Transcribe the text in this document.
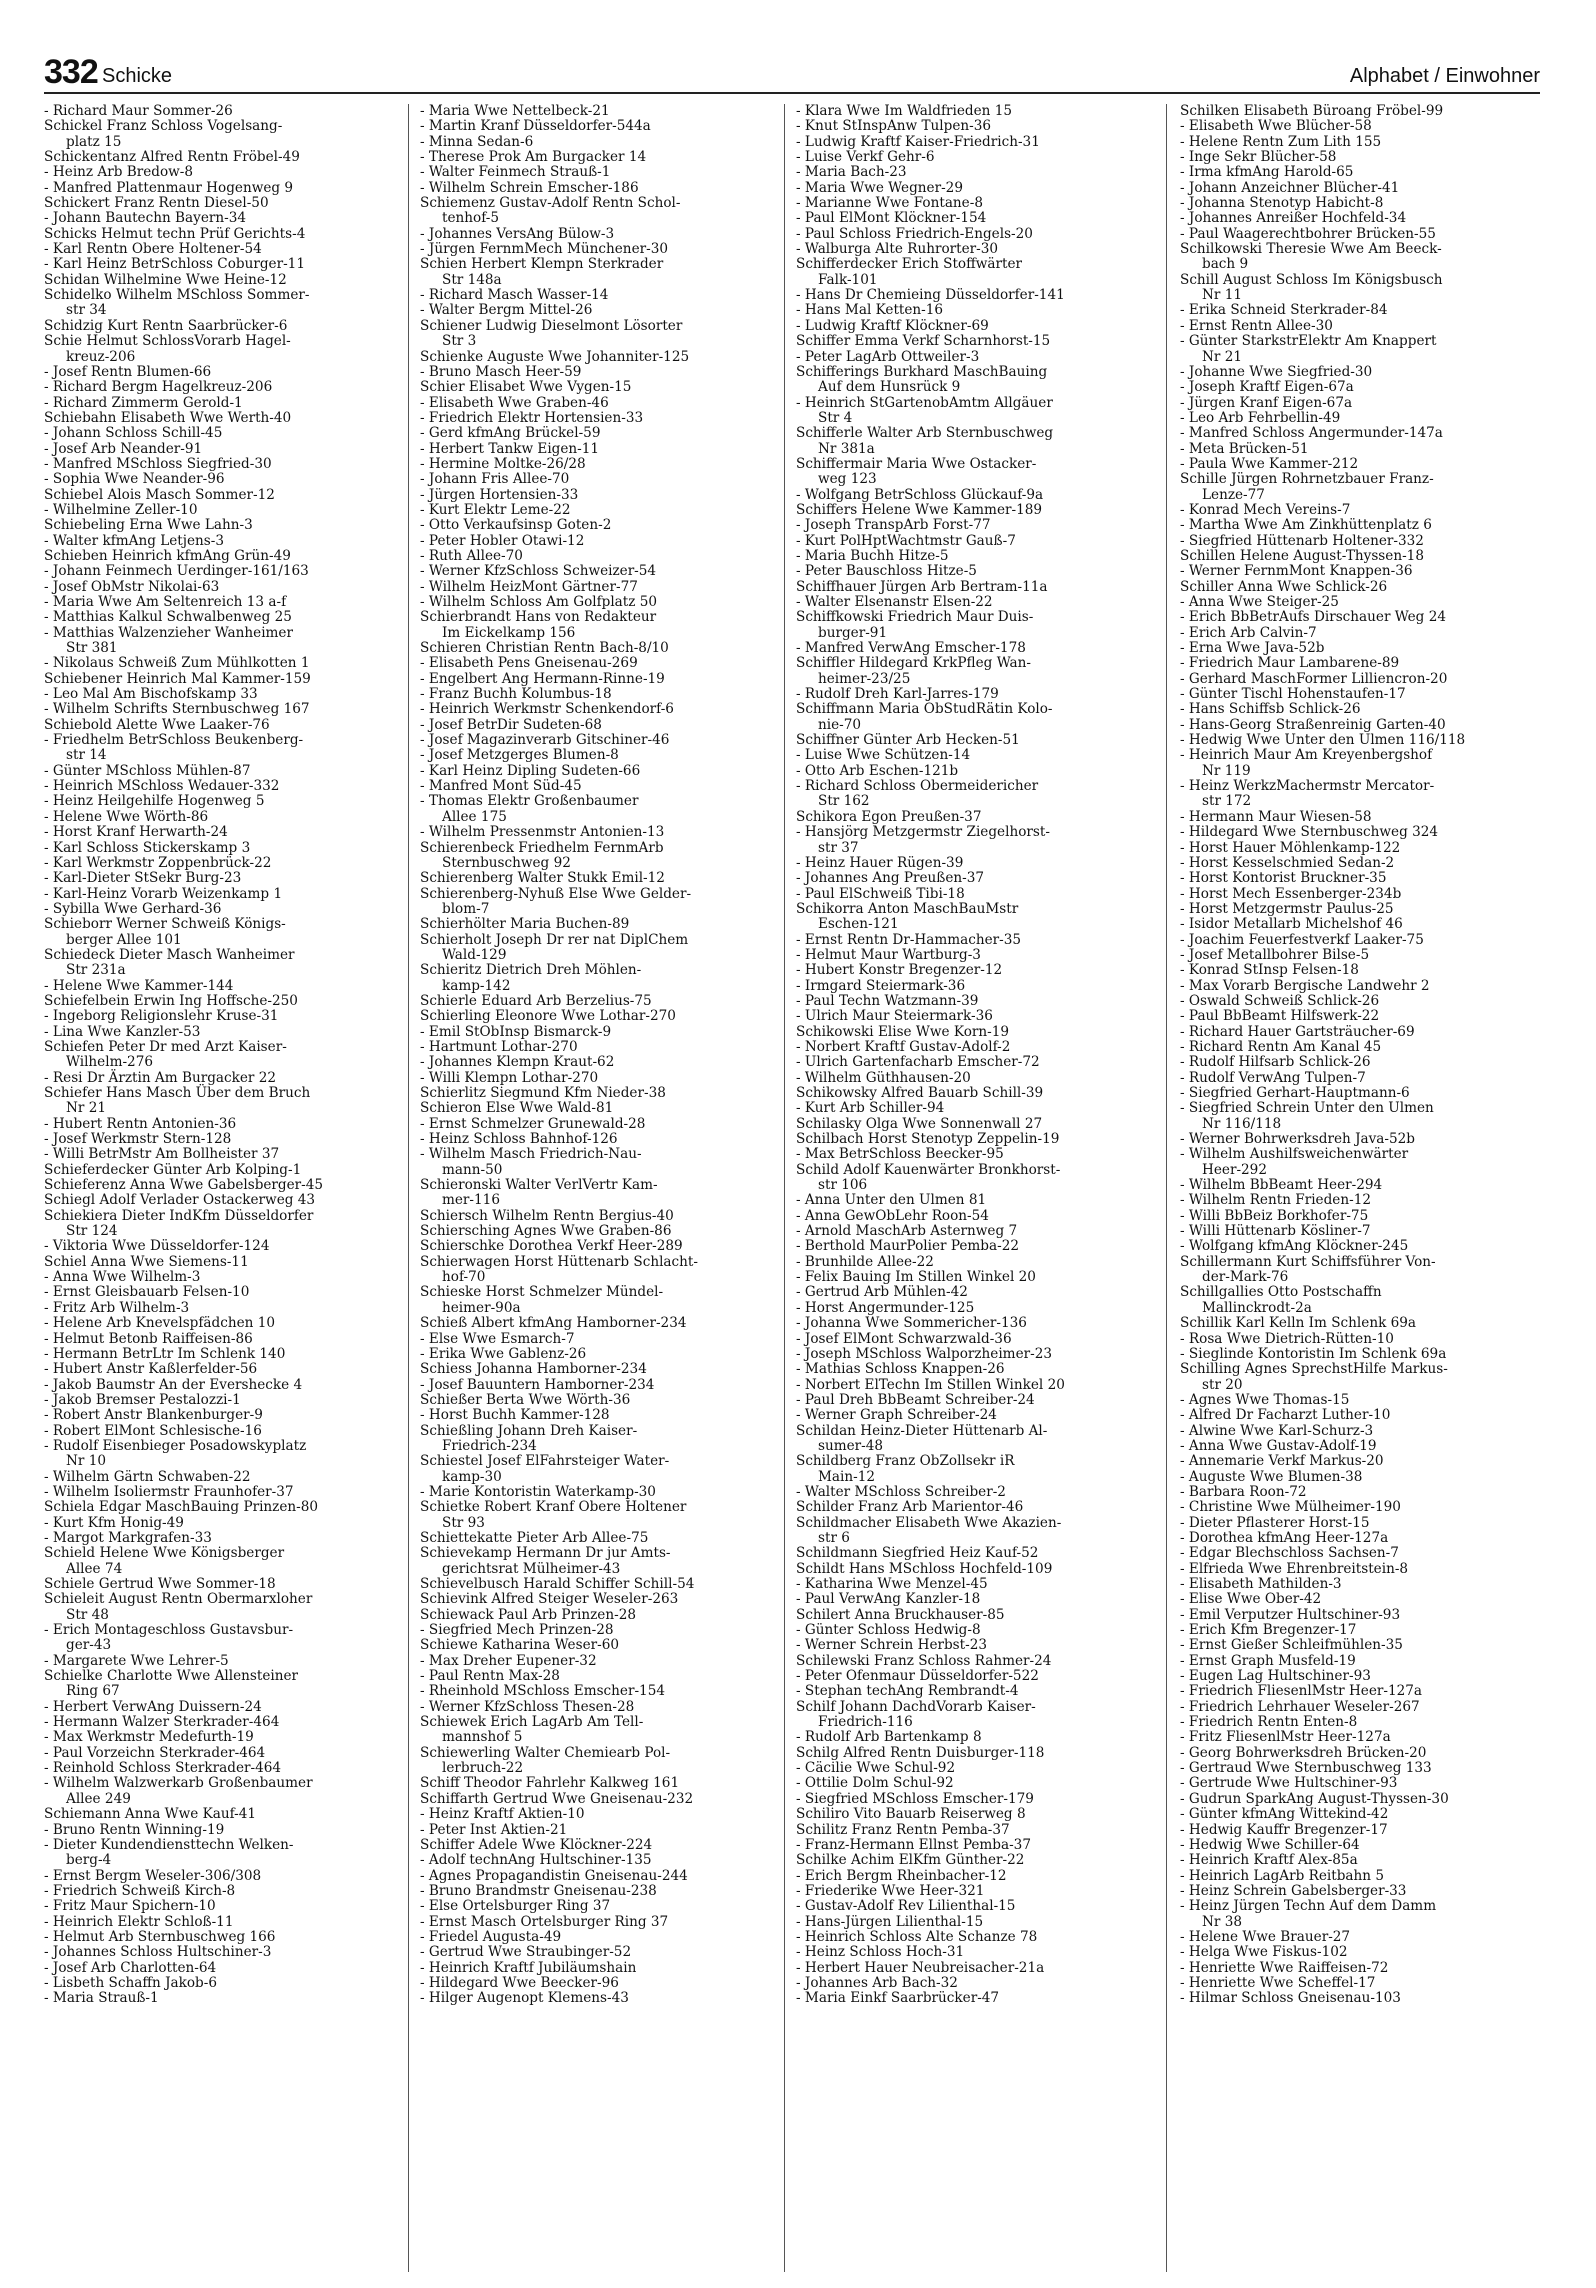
332 Schicke	Alphabet / Einwohner
- Richard Maur Sommer-26
Schickel Franz Schloss Vogelsang-
platz 15
Schickentanz Alfred Rentn Fröbel-49
- Heinz Arb Bredow-8
- Manfred Plattenmaur Hogenweg 9
Schickert Franz Rentn Diesel-50
- Johann Bautechn Bayern-34
Schicks Helmut techn Prüf Gerichts-4
- Karl Rentn Obere Holtener-54
- Karl Heinz BetrSchloss Coburger-11
Schidan Wilhelmine Wwe Heine-12
Schidelko Wilhelm MSchloss Sommer-
str 34
Schidzig Kurt Rentn Saarbrücker-6
Schie Helmut SchlossVorarb Hagel-
kreuz-206
- Josef Rentn Blumen-66
- Richard Bergm Hagelkreuz-206
- Richard Zimmerm Gerold-1
Schiebahn Elisabeth Wwe Werth-40
- Johann Schloss Schill-45
- Josef Arb Neander-91
- Manfred MSchloss Siegfried-30
- Sophia Wwe Neander-96
Schiebel Alois Masch Sommer-12
- Wilhelmine Zeller-10
Schiebeling Erna Wwe Lahn-3
- Walter kfmAng Letjens-3
Schieben Heinrich kfmAng Grün-49
- Johann Feinmech Uerdinger-161/163
- Josef ObMstr Nikolai-63
- Maria Wwe Am Seltenreich 13 a-f
- Matthias Kalkul Schwalbenweg 25
- Matthias Walzenzieher Wanheimer
Str 381
- Nikolaus Schweiß Zum Mühlkotten 1
Schiebener Heinrich Mal Kammer-159
- Leo Mal Am Bischofskamp 33
- Wilhelm Schrifts Sternbuschweg 167
Schiebold Alette Wwe Laaker-76
- Friedhelm BetrSchloss Beukenberg-
str 14
- Günter MSchloss Mühlen-87
- Heinrich MSchloss Wedauer-332
- Heinz Heilgehilfe Hogenweg 5
- Helene Wwe Wörth-86
- Horst Kranf Herwarth-24
- Karl Schloss Stickerskamp 3
- Karl Werkmstr Zoppenbrück-22
- Karl-Dieter StSekr Burg-23
- Karl-Heinz Vorarb Weizenkamp 1
- Sybilla Wwe Gerhard-36
Schieborr Werner Schweiß Königs-
berger Allee 101
Schiedeck Dieter Masch Wanheimer
Str 231a
- Helene Wwe Kammer-144
Schiefelbein Erwin Ing Hoffsche-250
- Ingeborg Religionslehr Kruse-31
- Lina Wwe Kanzler-53
Schiefen Peter Dr med Arzt Kaiser-
Wilhelm-276
- Resi Dr Ärztin Am Burgacker 22
Schiefer Hans Masch Über dem Bruch
Nr 21
- Hubert Rentn Antonien-36
- Josef Werkmstr Stern-128
- Willi BetrMstr Am Bollheister 37
Schieferdecker Günter Arb Kolping-1
Schieferenz Anna Wwe Gabelsberger-45
Schiegl Adolf Verlader Ostackerweg 43
Schiekiera Dieter IndKfm Düsseldorfer
Str 124
- Viktoria Wwe Düsseldorfer-124
Schiel Anna Wwe Siemens-11
- Anna Wwe Wilhelm-3
- Ernst Gleisbauarb Felsen-10
- Fritz Arb Wilhelm-3
- Helene Arb Knevelspfädchen 10
- Helmut Betonb Raiffeisen-86
- Hermann BetrLtr Im Schlenk 140
- Hubert Anstr Kaßlerfelder-56
- Jakob Baumstr An der Evershecke 4
- Jakob Bremser Pestalozzi-1
- Robert Anstr Blankenburger-9
- Robert ElMont Schlesische-16
- Rudolf Eisenbieger Posadowskyplatz
Nr 10
- Wilhelm Gärtn Schwaben-22
- Wilhelm Isoliermstr Fraunhofer-37
Schiela Edgar MaschBauing Prinzen-80
- Kurt Kfm Honig-49
- Margot Markgrafen-33
Schield Helene Wwe Königsberger
Allee 74
Schiele Gertrud Wwe Sommer-18
Schieleit August Rentn Obermarxloher
Str 48
- Erich Montageschloss Gustavsbur-
ger-43
- Margarete Wwe Lehrer-5
Schielke Charlotte Wwe Allensteiner
Ring 67
- Herbert VerwAng Duissern-24
- Hermann Walzer Sterkrader-464
- Max Werkmstr Medefurth-19
- Paul Vorzeichn Sterkrader-464
- Reinhold Schloss Sterkrader-464
- Wilhelm Walzwerkarb Großenbaumer
Allee 249
Schiemann Anna Wwe Kauf-41
- Bruno Rentn Winning-19
- Dieter Kundendiensttechn Welken-
berg-4
- Ernst Bergm Weseler-306/308
- Friedrich Schweiß Kirch-8
- Fritz Maur Spichern-10
- Heinrich Elektr Schloß-11
- Helmut Arb Sternbuschweg 166
- Johannes Schloss Hultschiner-3
- Josef Arb Charlotten-64
- Lisbeth Schaffn Jakob-6
- Maria Strauß-1
- Maria Wwe Nettelbeck-21
- Martin Kranf Düsseldorfer-544a
- Minna Sedan-6
- Therese Prok Am Burgacker 14
- Walter Feinmech Strauß-1
- Wilhelm Schrein Emscher-186
Schiemenz Gustav-Adolf Rentn Schol-
tenhof-5
- Johannes VersAng Bülow-3
- Jürgen FernmMech Münchener-30
Schien Herbert Klempn Sterkrader
Str 148a
- Richard Masch Wasser-14
- Walter Bergm Mittel-26
Schiener Ludwig Dieselmont Lösorter
Str 3
Schienke Auguste Wwe Johanniter-125
- Bruno Masch Heer-59
Schier Elisabet Wwe Vygen-15
- Elisabeth Wwe Graben-46
- Friedrich Elektr Hortensien-33
- Gerd kfmAng Brückel-59
- Herbert Tankw Eigen-11
- Hermine Moltke-26/28
- Johann Fris Allee-70
- Jürgen Hortensien-33
- Kurt Elektr Leme-22
- Otto Verkaufsinsp Goten-2
- Peter Hobler Otawi-12
- Ruth Allee-70
- Werner KfzSchloss Schweizer-54
- Wilhelm HeizMont Gärtner-77
- Wilhelm Schloss Am Golfplatz 50
Schierbrandt Hans von Redakteur
Im Eickelkamp 156
Schieren Christian Rentn Bach-8/10
- Elisabeth Pens Gneisenau-269
- Engelbert Ang Hermann-Rinne-19
- Franz Buchh Kolumbus-18
- Heinrich Werkmstr Schenkendorf-6
- Josef BetrDir Sudeten-68
- Josef Magazinverarb Gitschiner-46
- Josef Metzgerges Blumen-8
- Karl Heinz Dipling Sudeten-66
- Manfred Mont Süd-45
- Thomas Elektr Großenbaumer
Allee 175
- Wilhelm Pressenmstr Antonien-13
Schierenbeck Friedhelm FernmArb
Sternbuschweg 92
Schierenberg Walter Stukk Emil-12
Schierenberg-Nyhuß Else Wwe Gelder-
blom-7
Schierhölter Maria Buchen-89
Schierholt Joseph Dr rer nat DiplChem
Wald-129
Schieritz Dietrich Dreh Möhlen-
kamp-142
Schierle Eduard Arb Berzelius-75
Schierling Eleonore Wwe Lothar-270
- Emil StObInsp Bismarck-9
- Hartmunt Lothar-270
- Johannes Klempn Kraut-62
- Willi Klempn Lothar-270
Schierlitz Siegmund Kfm Nieder-38
Schieron Else Wwe Wald-81
- Ernst Schmelzer Grunewald-28
- Heinz Schloss Bahnhof-126
- Wilhelm Masch Friedrich-Nau-
mann-50
Schieronski Walter VerlVertr Kam-
mer-116
Schiersch Wilhelm Rentn Bergius-40
Schiersching Agnes Wwe Graben-86
Schierschke Dorothea Verkf Heer-289
Schierwagen Horst Hüttenarb Schlacht-
hof-70
Schieske Horst Schmelzer Mündel-
heimer-90a
Schieß Albert kfmAng Hamborner-234
- Else Wwe Esmarch-7
- Erika Wwe Gablenz-26
Schiess Johanna Hamborner-234
- Josef Bauuntern Hamborner-234
Schießer Berta Wwe Wörth-36
- Horst Buchh Kammer-128
Schießling Johann Dreh Kaiser-
Friedrich-234
Schiestel Josef ElFahrsteiger Water-
kamp-30
- Marie Kontoristin Waterkamp-30
Schietke Robert Kranf Obere Holtener
Str 93
Schiettekatte Pieter Arb Allee-75
Schievekamp Hermann Dr jur Amts-
gerichtsrat Mülheimer-43
Schievelbusch Harald Schiffer Schill-54
Schievink Alfred Steiger Weseler-263
Schiewack Paul Arb Prinzen-28
- Siegfried Mech Prinzen-28
Schiewe Katharina Weser-60
- Max Dreher Eupener-32
- Paul Rentn Max-28
- Rheinhold MSchloss Emscher-154
- Werner KfzSchloss Thesen-28
Schiewek Erich LagArb Am Tell-
mannshof 5
Schiewerling Walter Chemiearb Pol-
lerbruch-22
Schiff Theodor Fahrlehr Kalkweg 161
Schiffarth Gertrud Wwe Gneisenau-232
- Heinz Kraftf Aktien-10
- Peter Inst Aktien-21
Schiffer Adele Wwe Klöckner-224
- Adolf technAng Hultschiner-135
- Agnes Propagandistin Gneisenau-244
- Bruno Brandmstr Gneisenau-238
- Else Ortelsburger Ring 37
- Ernst Masch Ortelsburger Ring 37
- Friedel Augusta-49
- Gertrud Wwe Straubinger-52
- Heinrich Kraftf Jubiläumshain
- Hildegard Wwe Beecker-96
- Hilger Augenopt Klemens-43
- Klara Wwe Im Waldfrieden 15
- Knut StInspAnw Tulpen-36
- Ludwig Kraftf Kaiser-Friedrich-31
- Luise Verkf Gehr-6
- Maria Bach-23
- Maria Wwe Wegner-29
- Marianne Wwe Fontane-8
- Paul ElMont Klöckner-154
- Paul Schloss Friedrich-Engels-20
- Walburga Alte Ruhrorter-30
Schifferdecker Erich Stoffwärter
Falk-101
- Hans Dr Chemieing Düsseldorfer-141
- Hans Mal Ketten-16
- Ludwig Kraftf Klöckner-69
Schiffer Emma Verkf Scharnhorst-15
- Peter LagArb Ottweiler-3
Schifferings Burkhard MaschBauing
Auf dem Hunsrück 9
- Heinrich StGartenobAmtm Allgäuer
Str 4
Schifferle Walter Arb Sternbuschweg
Nr 381a
Schiffermair Maria Wwe Ostacker-
weg 123
- Wolfgang BetrSchloss Glückauf-9a
Schiffers Helene Wwe Kammer-189
- Joseph TranspArb Forst-77
- Kurt PolHptWachtmstr Gauß-7
- Maria Buchh Hitze-5
- Peter Bauschloss Hitze-5
Schiffhauer Jürgen Arb Bertram-11a
- Walter Elsenanstr Elsen-22
Schiffkowski Friedrich Maur Duis-
burger-91
- Manfred VerwAng Emscher-178
Schiffler Hildegard KrkPfleg Wan-
heimer-23/25
- Rudolf Dreh Karl-Jarres-179
Schiffmann Maria ObStudRätin Kolo-
nie-70
Schiffner Günter Arb Hecken-51
- Luise Wwe Schützen-14
- Otto Arb Eschen-121b
- Richard Schloss Obermeidericher
Str 162
Schikora Egon Preußen-37
- Hansjörg Metzgermstr Ziegelhorst-
str 37
- Heinz Hauer Rügen-39
- Johannes Ang Preußen-37
- Paul ElSchweiß Tibi-18
Schikorra Anton MaschBauMstr
Eschen-121
- Ernst Rentn Dr-Hammacher-35
- Helmut Maur Wartburg-3
- Hubert Konstr Bregenzer-12
- Irmgard Steiermark-36
- Paul Techn Watzmann-39
- Ulrich Maur Steiermark-36
Schikowski Elise Wwe Korn-19
- Norbert Kraftf Gustav-Adolf-2
- Ulrich Gartenfacharb Emscher-72
- Wilhelm Güthhausen-20
Schikowsky Alfred Bauarb Schill-39
- Kurt Arb Schiller-94
Schilasky Olga Wwe Sonnenwall 27
Schilbach Horst Stenotyp Zeppelin-19
- Max BetrSchloss Beecker-95
Schild Adolf Kauenwärter Bronkhorst-
str 106
- Anna Unter den Ulmen 81
- Anna GewObLehr Roon-54
- Arnold MaschArb Asternweg 7
- Berthold MaurPolier Pemba-22
- Brunhilde Allee-22
- Felix Bauing Im Stillen Winkel 20
- Gertrud Arb Mühlen-42
- Horst Angermunder-125
- Johanna Wwe Sommericher-136
- Josef ElMont Schwarzwald-36
- Joseph MSchloss Walporzheimer-23
- Mathias Schloss Knappen-26
- Norbert ElTechn Im Stillen Winkel 20
- Paul Dreh BbBeamt Schreiber-24
- Werner Graph Schreiber-24
Schildan Heinz-Dieter Hüttenarb Al-
sumer-48
Schildberg Franz ObZollsekr iR
Main-12
- Walter MSchloss Schreiber-2
Schilder Franz Arb Marientor-46
Schildmacher Elisabeth Wwe Akazien-
str 6
Schildmann Siegfried Heiz Kauf-52
Schildt Hans MSchloss Hochfeld-109
- Katharina Wwe Menzel-45
- Paul VerwAng Kanzler-18
Schilert Anna Bruckhauser-85
- Günter Schloss Hedwig-8
- Werner Schrein Herbst-23
Schilewski Franz Schloss Rahmer-24
- Peter Ofenmaur Düsseldorfer-522
- Stephan techAng Rembrandt-4
Schilf Johann DachdVorarb Kaiser-
Friedrich-116
- Rudolf Arb Bartenkamp 8
Schilg Alfred Rentn Duisburger-118
- Cäcilie Wwe Schul-92
- Ottilie Dolm Schul-92
- Siegfried MSchloss Emscher-179
Schiliro Vito Bauarb Reiserweg 8
Schilitz Franz Rentn Pemba-37
- Franz-Hermann Ellnst Pemba-37
Schilke Achim ElKfm Günther-22
- Erich Bergm Rheinbacher-12
- Friederike Wwe Heer-321
- Gustav-Adolf Rev Lilienthal-15
- Hans-Jürgen Lilienthal-15
- Heinrich Schloss Alte Schanze 78
- Heinz Schloss Hoch-31
- Herbert Hauer Neubreisacher-21a
- Johannes Arb Bach-32
- Maria Einkf Saarbrücker-47
Schilken Elisabeth Büroang Fröbel-99
- Elisabeth Wwe Blücher-58
- Helene Rentn Zum Lith 155
- Inge Sekr Blücher-58
- Irma kfmAng Harold-65
- Johann Anzeichner Blücher-41
- Johanna Stenotyp Habicht-8
- Johannes Anreißer Hochfeld-34
- Paul Waagerechtbohrer Brücken-55
Schilkowski Theresie Wwe Am Beeck-
bach 9
Schill August Schloss Im Königsbusch
Nr 11
- Erika Schneid Sterkrader-84
- Ernst Rentn Allee-30
- Günter StarkstrElektr Am Knappert
Nr 21
- Johanne Wwe Siegfried-30
- Joseph Kraftf Eigen-67a
- Jürgen Kranf Eigen-67a
- Leo Arb Fehrbellin-49
- Manfred Schloss Angermunder-147a
- Meta Brücken-51
- Paula Wwe Kammer-212
Schille Jürgen Rohrnetzbauer Franz-
Lenze-77
- Konrad Mech Vereins-7
- Martha Wwe Am Zinkhüttenplatz 6
- Siegfried Hüttenarb Holtener-332
Schillen Helene August-Thyssen-18
- Werner FernmMont Knappen-36
Schiller Anna Wwe Schlick-26
- Anna Wwe Steiger-25
- Erich BbBetrAufs Dirschauer Weg 24
- Erich Arb Calvin-7
- Erna Wwe Java-52b
- Friedrich Maur Lambarene-89
- Gerhard MaschFormer Lilliencron-20
- Günter Tischl Hohenstaufen-17
- Hans Schiffsb Schlick-26
- Hans-Georg Straßenreinig Garten-40
- Hedwig Wwe Unter den Ulmen 116/118
- Heinrich Maur Am Kreyenbergshof
Nr 119
- Heinz WerkzMachermstr Mercator-
str 172
- Hermann Maur Wiesen-58
- Hildegard Wwe Sternbuschweg 324
- Horst Hauer Möhlenkamp-122
- Horst Kesselschmied Sedan-2
- Horst Kontorist Bruckner-35
- Horst Mech Essenberger-234b
- Horst Metzgermstr Paulus-25
- Isidor Metallarb Michelshof 46
- Joachim Feuerfestverkf Laaker-75
- Josef Metallbohrer Bilse-5
- Konrad StInsp Felsen-18
- Max Vorarb Bergische Landwehr 2
- Oswald Schweiß Schlick-26
- Paul BbBeamt Hilfswerk-22
- Richard Hauer Gartsträucher-69
- Richard Rentn Am Kanal 45
- Rudolf Hilfsarb Schlick-26
- Rudolf VerwAng Tulpen-7
- Siegfried Gerhart-Hauptmann-6
- Siegfried Schrein Unter den Ulmen
Nr 116/118
- Werner Bohrwerksdreh Java-52b
- Wilhelm Aushilfsweichenwärter
Heer-292
- Wilhelm BbBeamt Heer-294
- Wilhelm Rentn Frieden-12
- Willi BbBeiz Borkhofer-75
- Willi Hüttenarb Kösliner-7
- Wolfgang kfmAng Klöckner-245
Schillermann Kurt Schiffsführer Von-
der-Mark-76
Schillgallies Otto Postschaffn
Mallinckrodt-2a
Schillik Karl Kelln Im Schlenk 69a
- Rosa Wwe Dietrich-Rütten-10
- Sieglinde Kontoristin Im Schlenk 69a
Schilling Agnes SprechstHilfe Markus-
str 20
- Agnes Wwe Thomas-15
- Alfred Dr Facharzt Luther-10
- Alwine Wwe Karl-Schurz-3
- Anna Wwe Gustav-Adolf-19
- Annemarie Verkf Markus-20
- Auguste Wwe Blumen-38
- Barbara Roon-72
- Christine Wwe Mülheimer-190
- Dieter Pflasterer Horst-15
- Dorothea kfmAng Heer-127a
- Edgar Blechschloss Sachsen-7
- Elfrieda Wwe Ehrenbreitstein-8
- Elisabeth Mathilden-3
- Elise Wwe Ober-42
- Emil Verputzer Hultschiner-93
- Erich Kfm Bregenzer-17
- Ernst Gießer Schleifmühlen-35
- Ernst Graph Musfeld-19
- Eugen Lag Hultschiner-93
- Friedrich FliesenlMstr Heer-127a
- Friedrich Lehrhauer Weseler-267
- Friedrich Rentn Enten-8
- Fritz FliesenlMstr Heer-127a
- Georg Bohrwerksdreh Brücken-20
- Gertraud Wwe Sternbuschweg 133
- Gertrude Wwe Hultschiner-93
- Gudrun SparkAng August-Thyssen-30
- Günter kfmAng Wittekind-42
- Hedwig Kauffr Bregenzer-17
- Hedwig Wwe Schiller-64
- Heinrich Kraftf Alex-85a
- Heinrich LagArb Reitbahn 5
- Heinz Schrein Gabelsberger-33
- Heinz Jürgen Techn Auf dem Damm
Nr 38
- Helene Wwe Brauer-27
- Helga Wwe Fiskus-102
- Henriette Wwe Raiffeisen-72
- Henriette Wwe Scheffel-17
- Hilmar Schloss Gneisenau-103
